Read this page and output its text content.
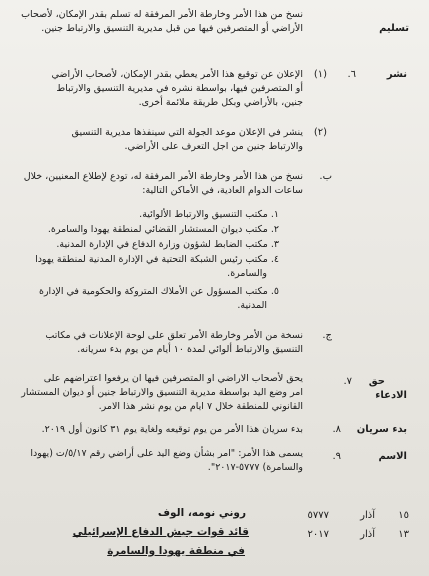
تسليم
نسخ من هذا الأمر وخارطة الأمر المرفقة له تسلم بقدر الإمكان، لأصحاب
الأراضي أو المتصرفين فيها من قبل مديرية التنسيق والارتباط جنين.
نشر
٦.
(١)
الإعلان عن توقيع هذا الأمر يعطي بقدر الإمكان، لأصحاب الأراضي
أو المتصرفين فيها، بواسطة نشره في مديرية التنسيق والارتباط
جنين، بالأراضي وبكل طريقة ملائمة أخرى.
(٢)
ينشر في الإعلان موعد الجولة التي سينفذها مديرية التنسيق
والارتباط جنين من اجل التعرف على الأراضي.
ب.
نسخ من هذا الأمر وخارطة الأمر المرفقة له، تودع لإطلاع المعنيين، خلال
ساعات الدوام العادية، في الأماكن التالية:
١. مكتب التنسيق والارتباط الألوائية.
٢. مكتب ديوان المستشار القضائي لمنطقة يهودا والسامرة.
٣. مكتب الضابط لشؤون وزارة الدفاع في الإدارة المدنية.
٤. مكتب رئيس الشبكة التحتية في الإدارة المدنية لمنطقة يهودا
والسامرة.
٥. مكتب المسؤول عن الأملاك المتروكة والحكومية في الإدارة
المدنية.
ج.
نسخة من الأمر وخارطة الأمر تعلق على لوحة الإعلانات في مكاتب
التنسيق والارتباط ألوائي لمدة ١٠ أيام من يوم بدء سريانه.
حق
٧.
الادعاء
يحق لأصحاب الاراضي او المتصرفين فيها ان يرفعوا اعتراضهم على
امر وضع اليد بواسطة مديرية التنسيق والارتباط جنين أو ديوان المستشار
القانوني للمنطقة خلال ٧ ايام من يوم نشر هذا الامر.
بدء سريان
٨.
بدء سريان هذا الأمر من يوم توقيعه ولغاية يوم ٣١ كانون أول ٢٠١٩.
الاسم
٩.
يسمى هذا الأمر: "امر بشأن وضع اليد على أراضي رقم ٥/١٧/ت (يهودا
والسامرة) ٥٧٧٧-٢٠١٧".
١٥
آذار
٥٧٧٧
روني نومه، الوف
١٣
آذار
٢٠١٧
قائد قوات جيش الدفاع الإسرائيلي
في منطقة يهودا والسامرة
